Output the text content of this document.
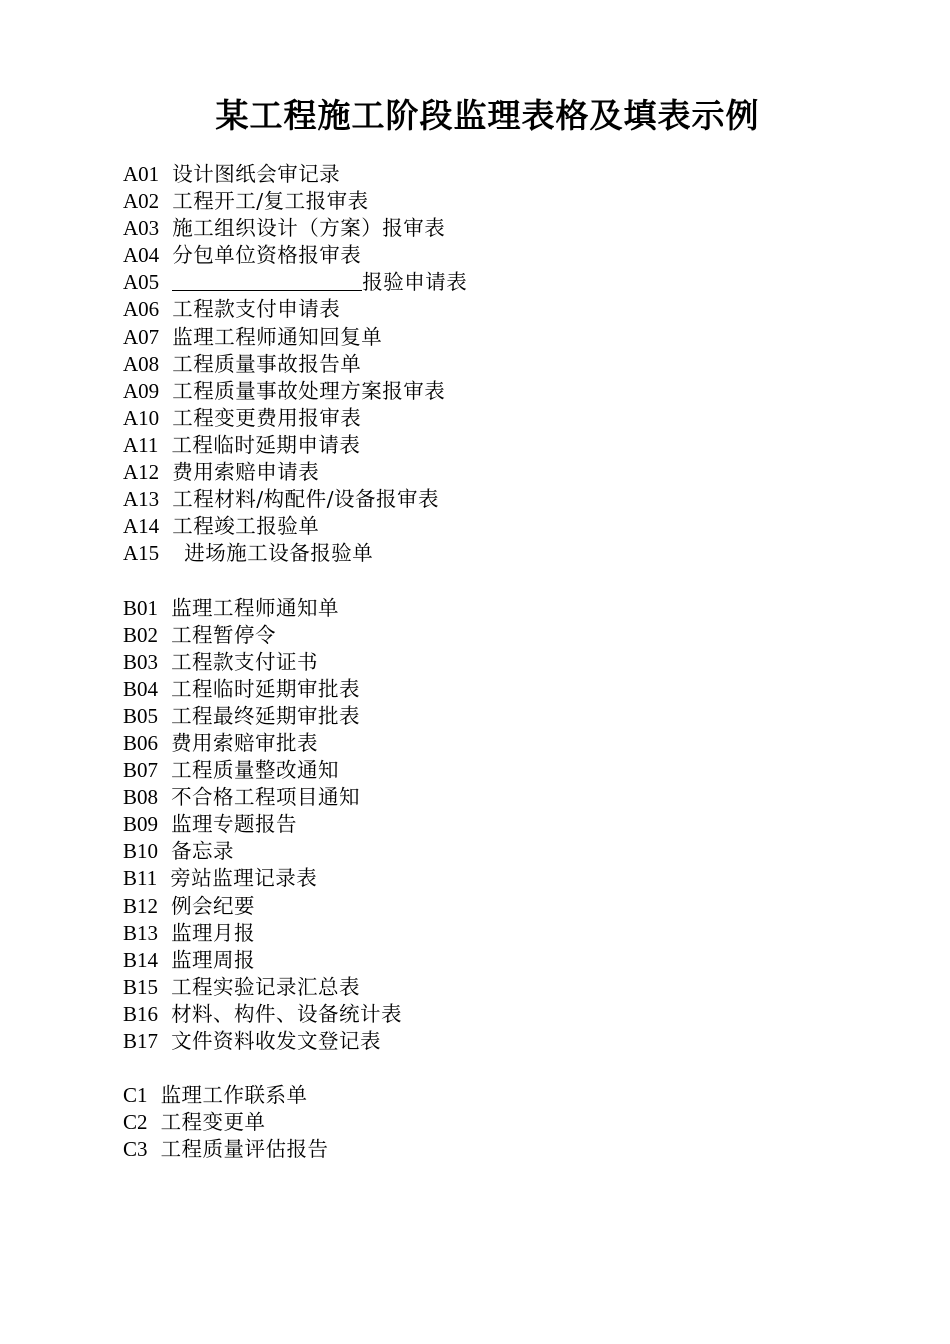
某工程施工阶段监理表格及填表示例
A01 设计图纸会审记录
A02 工程开工/复工报审表
A03 施工组织设计（方案）报审表
A04 分包单位资格报审表
A05	报验申请表
A06 工程款支付申请表
A07 监理工程师通知回复单
A08 工程质量事故报告单
A09 工程质量事故处理方案报审表
A10 工程变更费用报审表
A11 工程临时延期申请表
A12 费用索赔申请表
A13 工程材料/构配件/设备报审表
A14 工程竣工报验单
A15 进场施工设备报验单
B01 监理工程师通知单
B02 工程暂停令
B03 工程款支付证书
B04 工程临时延期审批表
B05 工程最终延期审批表
B06 费用索赔审批表
B07 工程质量整改通知
B08 不合格工程项目通知
B09 监理专题报告
B10 备忘录
B11 旁站监理记录表
B12 例会纪要
B13 监理月报
B14 监理周报
B15 工程实验记录汇总表
B16 材料、构件、设备统计表
B17 文件资料收发文登记表
C1 监理工作联系单
C2 工程变更单
C3 工程质量评估报告
